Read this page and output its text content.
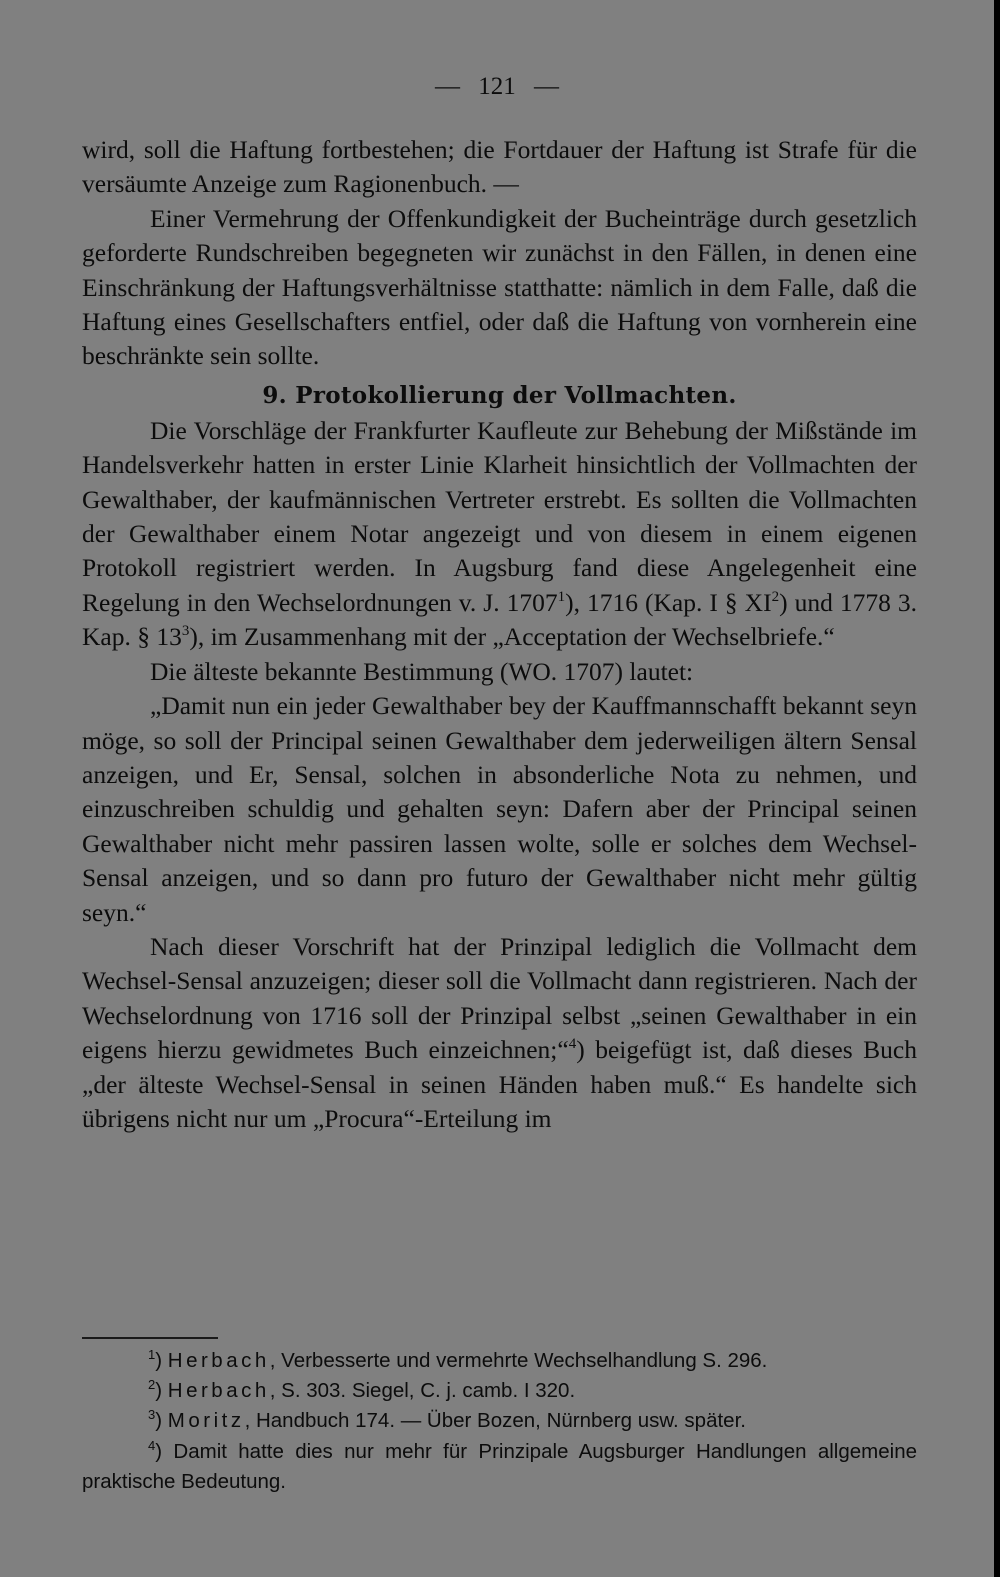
— 121 —

wird, soll die Haftung fortbestehen; die Fortdauer der Haftung ist Strafe für die versäumte Anzeige zum Ragionenbuch. —

Einer Vermehrung der Offenkundigkeit der Bucheinträge durch gesetzlich geforderte Rundschreiben begegneten wir zunächst in den Fällen, in denen eine Einschränkung der Haftungsverhältnisse statthatte: nämlich in dem Falle, daß die Haftung eines Gesellschafters entfiel, oder daß die Haftung von vornherein eine beschränkte sein sollte.

9. Protokollierung der Vollmachten.

Die Vorschläge der Frankfurter Kaufleute zur Behebung der Mißstände im Handelsverkehr hatten in erster Linie Klarheit hinsichtlich der Vollmachten der Gewalthaber, der kaufmännischen Vertreter erstrebt. Es sollten die Vollmachten der Gewalthaber einem Notar angezeigt und von diesem in einem eigenen Protokoll registriert werden. In Augsburg fand diese Angelegenheit eine Regelung in den Wechselordnungen v. J. 1707$^1$), 1716 (Kap. I § $XI^2$) und 1778 3. Kap. § $13^3$), im Zusammenhang mit der „Acceptation der Wechselbriefe.“

Die älteste bekannte Bestimmung (WO. 1707) lautet:

„Damit nun ein jeder Gewalthaber bey der Kauffmannschafft bekannt seyn möge, so soll der Principal seinen Gewalthaber dem jederweiligen ältern Sensal anzeigen, und Er, Sensal, solchen in absonderliche Nota zu nehmen, und einzuschreiben schuldig und gehalten seyn: Dafern aber der Principal seinen Gewalthaber nicht mehr passiren lassen wolte, solle er solches dem Wechsel-Sensal anzeigen, und so dann pro futuro der Gewalthaber nicht mehr gültig seyn.“

Nach dieser Vorschrift hat der Prinzipal lediglich die Vollmacht dem Wechsel-Sensal anzuzeigen; dieser soll die Vollmacht dann registrieren. Nach der Wechselordnung von 1716 soll der Prinzipal selbst „seinen Gewalthaber in ein eigens hierzu gewidmetes Buch einzeichnen;“$^4$) beigefügt ist, daß dieses Buch „der älteste Wechsel-Sensal in seinen Händen haben muß.“ Es handelte sich übrigens nicht nur um „Procura“-Erteilung im

$^1$) Herbach, Verbesserte und vermehrte Wechselhandlung S. 296.

$^2$) Herbach, S. 303. Siegel, C. j. camb. I 320.

$^3$) Moritz, Handbuch 174. — Über Bozen, Nürnberg usw. später.

$^4$) Damit hatte dies nur mehr für Prinzipale Augsburger Handlungen allgemeine praktische Bedeutung.
